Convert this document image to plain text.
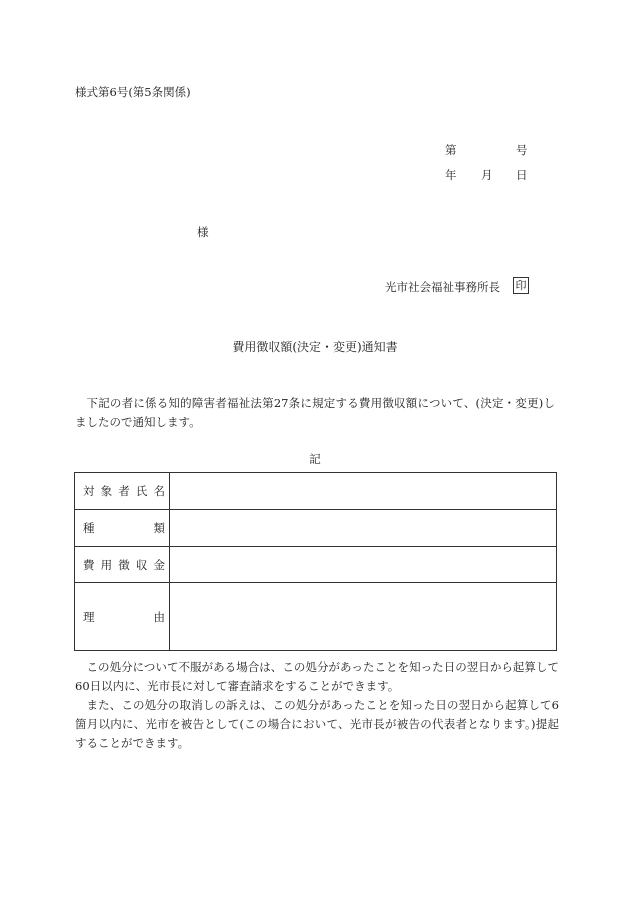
様式第6号(第5条関係)
第	号
年 月 日
様
光市社会福祉事務所長 印
費用徴収額(決定・変更)通知書

下記の者に係る知的障害者福祉法第27条に規定する費用徴収額について、(決定・変更)しましたので通知します。

記
対 象 者 氏 名	

種 類	

費 用 徴 収 金	

理 由	

この処分について不服がある場合は、この処分があったことを知った日の翌日から起算して60日以内に、光市長に対して審査請求をすることができます。

また、この処分の取消しの訴えは、この処分があったことを知った日の翌日から起算して6箇月以内に、光市を被告として(この場合において、光市長が被告の代表者となります。)提起することができます。
